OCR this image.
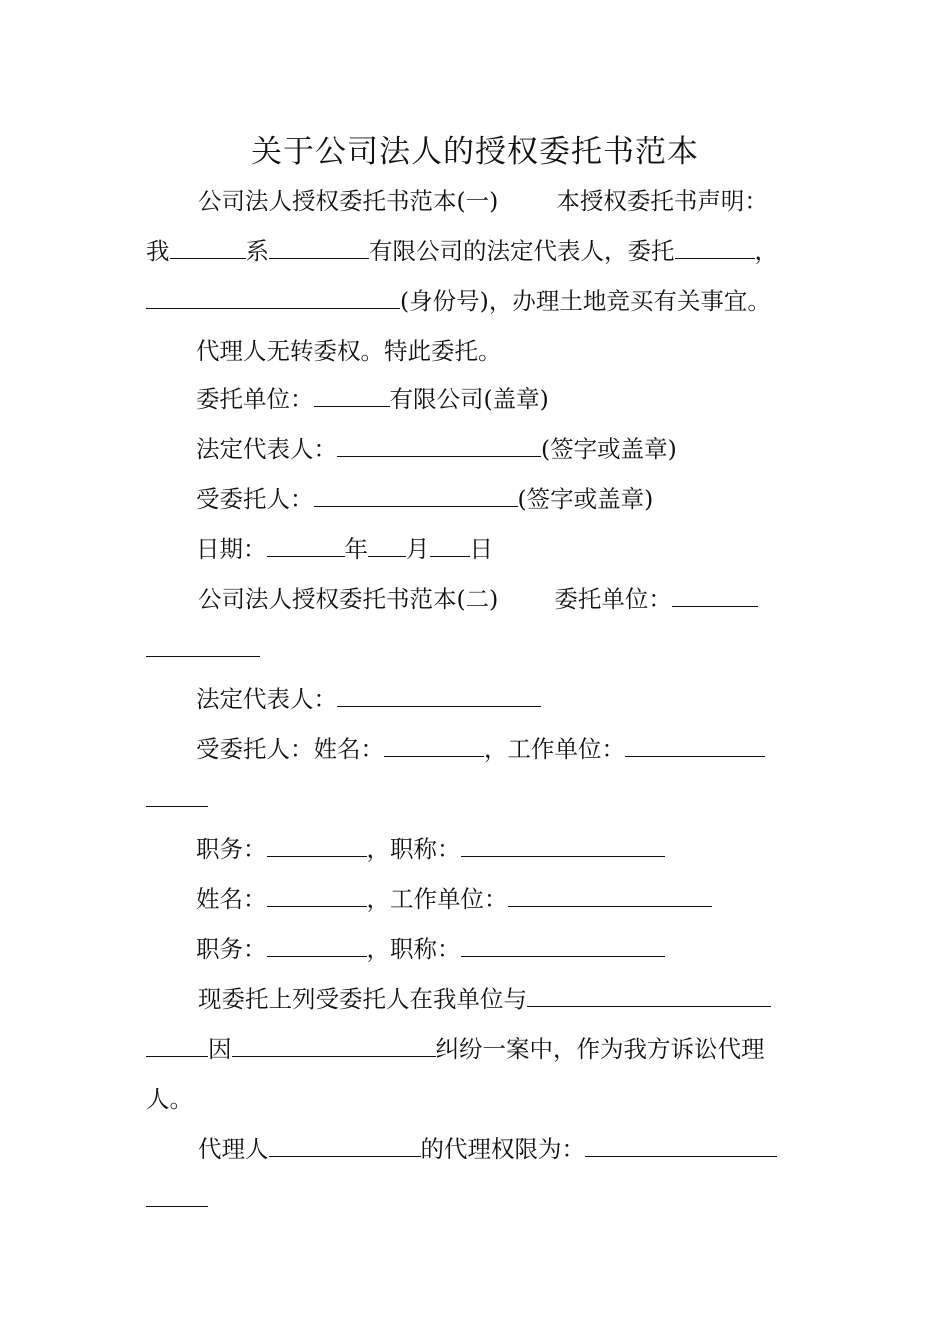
关于公司法人的授权委托书范本
公司法人授权委托书范本(一) 本授权委托书声明：
我	系	有限公司的法定代表人，委托	，
(身份号)，办理土地竞买有关事宜。
代理人无转委权。特此委托。
委托单位：	有限公司(盖章)
法定代表人：	(签字或盖章)
受委托人：	(签字或盖章)
日期：	年 月 日
公司法人授权委托书范本(二) 委托单位：
法定代表人：
受委托人：姓名：	，工作单位：
职务：	，职称：
姓名：	，工作单位：
职务：	，职称：
现委托上列受委托人在我单位与
因	纠纷一案中，作为我方诉讼代理
人。
代理人	的代理权限为：
